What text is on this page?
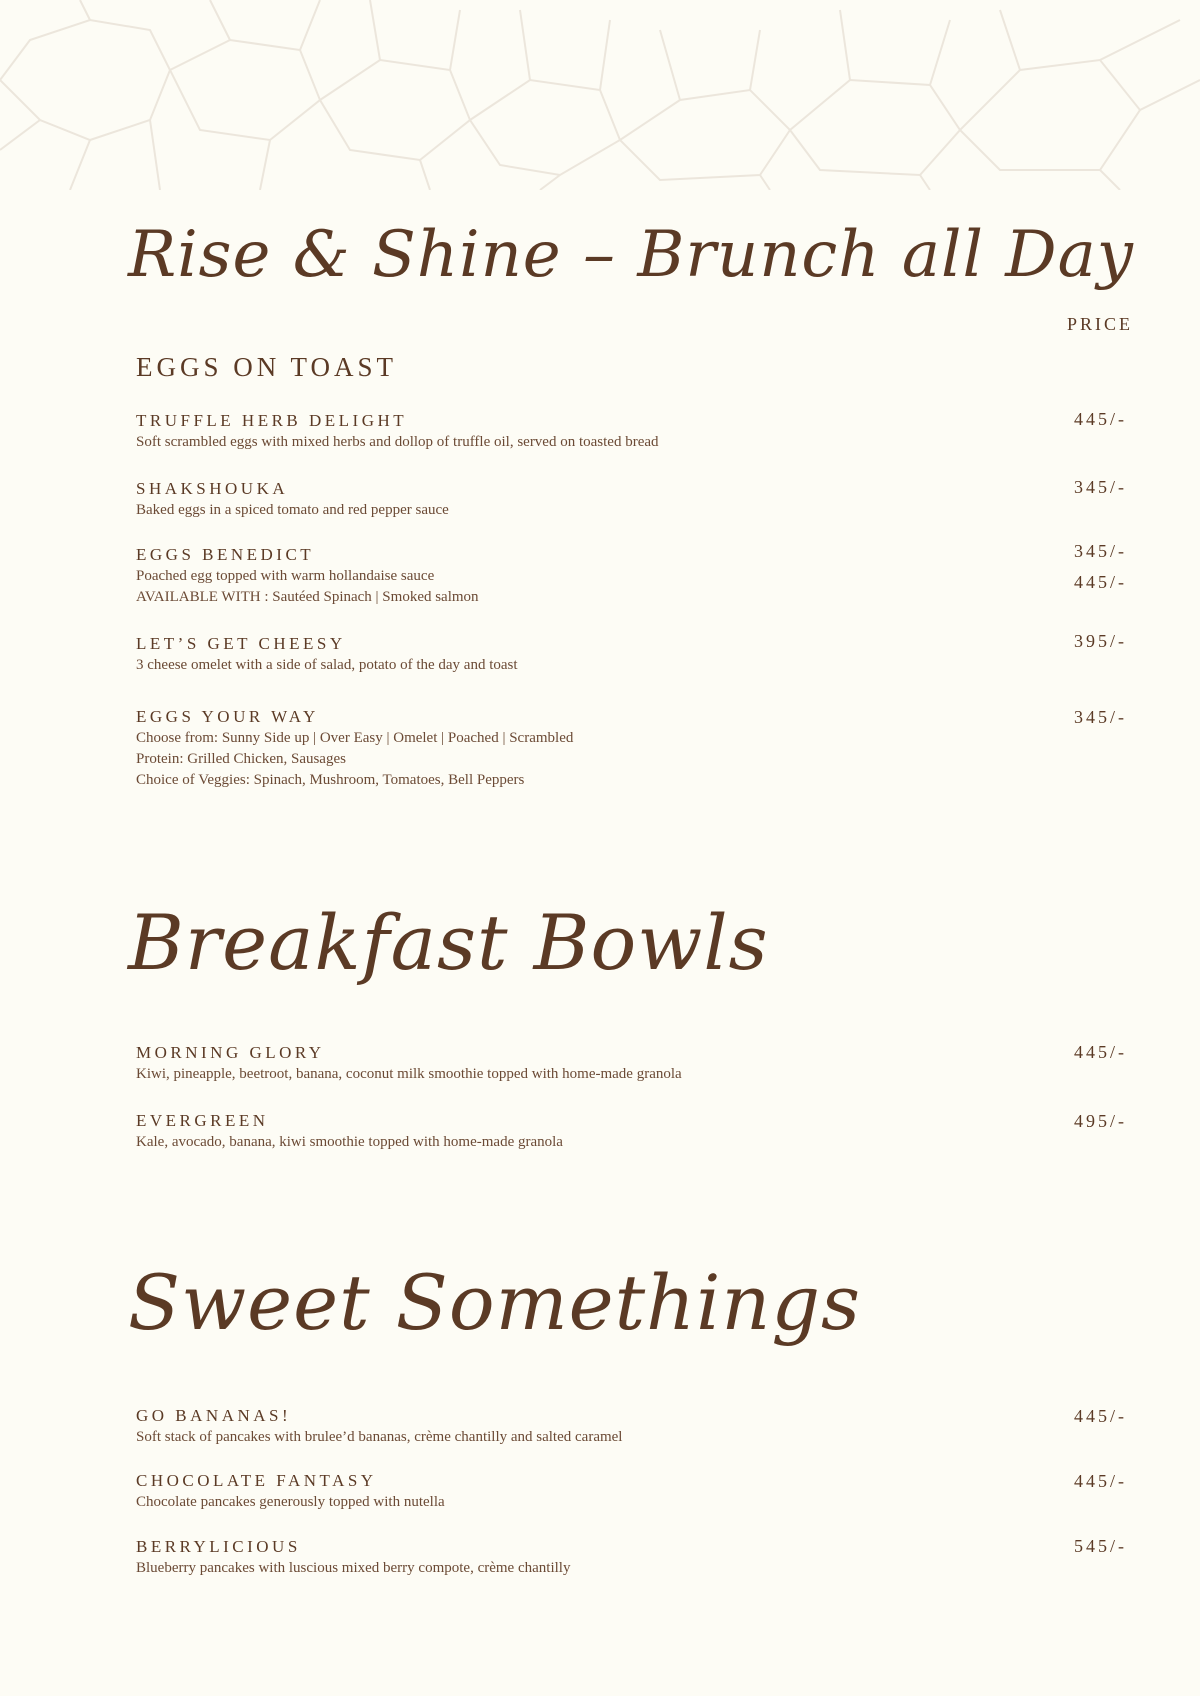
Rise & Shine – Brunch all Day
PRICE
EGGS ON TOAST
TRUFFLE HERB DELIGHT
Soft scrambled eggs with mixed herbs and dollop of truffle oil, served on toasted bread
445/-
SHAKSHOUKA
Baked eggs in a spiced tomato and red pepper sauce
345/-
EGGS BENEDICT
Poached egg topped with warm hollandaise sauce
AVAILABLE WITH : Sautéed Spinach | Smoked salmon
345/-
445/-
LET’S GET CHEESY
3 cheese omelet with a side of salad, potato of the day and toast
395/-
EGGS YOUR WAY
Choose from: Sunny Side up | Over Easy | Omelet | Poached | Scrambled
Protein: Grilled Chicken, Sausages
Choice of Veggies: Spinach, Mushroom, Tomatoes, Bell Peppers
345/-
Breakfast Bowls
MORNING GLORY
Kiwi, pineapple, beetroot, banana, coconut milk smoothie topped with home-made granola
445/-
EVERGREEN
Kale, avocado, banana, kiwi smoothie topped with home-made granola
495/-
Sweet Somethings
GO BANANAS!
Soft stack of pancakes with brulee’d bananas, crème chantilly and salted caramel
445/-
CHOCOLATE FANTASY
Chocolate pancakes generously topped with nutella
445/-
BERRYLICIOUS
Blueberry pancakes with luscious mixed berry compote, crème chantilly
545/-
